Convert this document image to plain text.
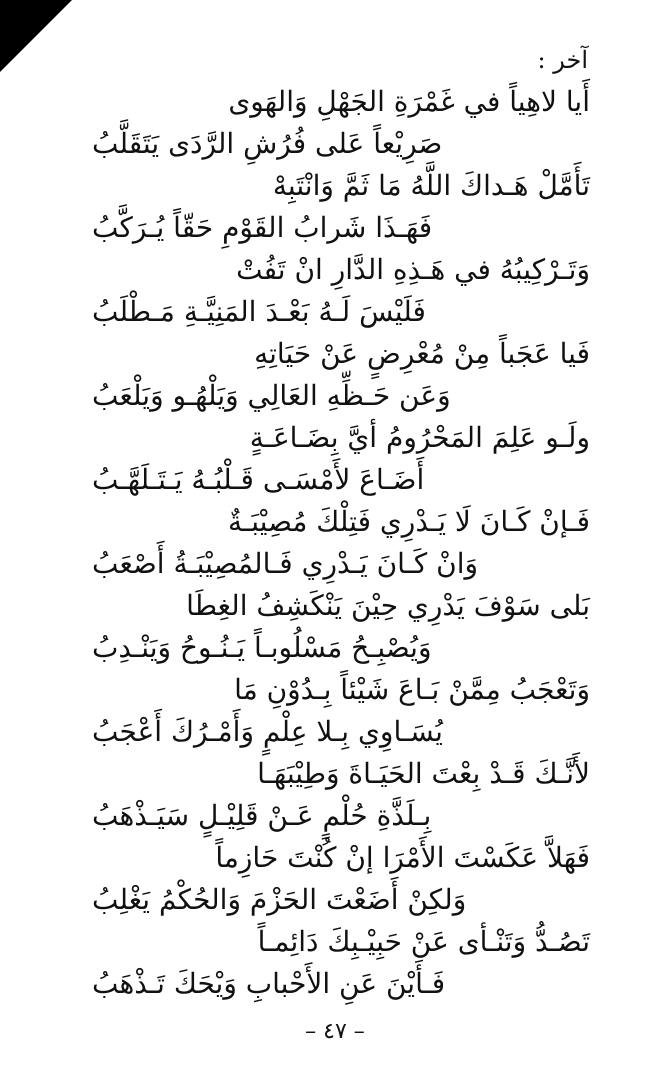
آخر :
أَيا لاهِياً في غَمْرَةِ الجَهْلِ وَالهَوى
صَرِيْعاً عَلى فُرُشِ الرَّدَى يَتَقَلَّبُ
تَأَمَّلْ هَـداكَ اللَّهُ مَا ثَمَّ وَانْتَبِهْ
فَهَـذَا شَرابُ القَوْمِ حَقّاً يُـرَكَّبُ
وَتَـرْكِيبُهُ في هَـذِهِ الدَّارِ انْ تَفُتْ
فَلَيْسَ لَـهُ بَعْـدَ المَنِيَّـةِ مَـطْلَبُ
فَيا عَجَباً مِنْ مُعْرِضٍ عَنْ حَيَاتِهِ
وَعَن حَـظِّهِ العَالِي وَيَلْهُـو وَيَلْعَبُ
ولَـو عَلِمَ المَحْرُومُ أيَّ بِضَـاعَـةٍ
أَضَـاعَ لأَمْسَـى قَـلْبُـهُ يَـتَـلَهَّـبُ
فَـإنْ كَـانَ لَا يَـدْرِي فَتِلْكَ مُصِيْبَـةٌ
وَانْ كَـانَ يَـدْرِي فَـالمُصِيْبَـةُ أَصْعَبُ
بَلى سَوْفَ يَدْرِي حِيْنَ يَنْكَشِفُ الغِطَا
وَيُصْبِـحُ مَسْلُوبـاً يَـنُـوحُ وَيَنْـدِبُ
وَتَعْجَبُ مِمَّنْ بَـاعَ شَيْئاً بِـدُوْنِ مَا
يُسَـاوِي بِـلا عِلْمٍ وَأَمْـرُكَ أَعْجَبُ
لأَنَّـكَ قَـدْ بِعْتَ الحَيَـاةَ وَطِيْبَهَـا
بِـلَذَّةِ حُلْمٍ عَـنْ قَلِيْـلٍ سَيَـذْهَبُ
فَهَلاَّ عَكَسْتَ الأَمْرَا إنْ كُنْتَ حَازِماً
وَلكِنْ أَضَعْتَ الحَزْمَ وَالحُكْمُ يَغْلِبُ
تَصُـدُّ وَتَنْـأى عَنْ حَبِيْـبِكَ دَائِمـاً
فَـأَيْنَ عَنِ الأَحْبابِ وَيْحَكَ تَـذْهَبُ
– ٤٧ –
